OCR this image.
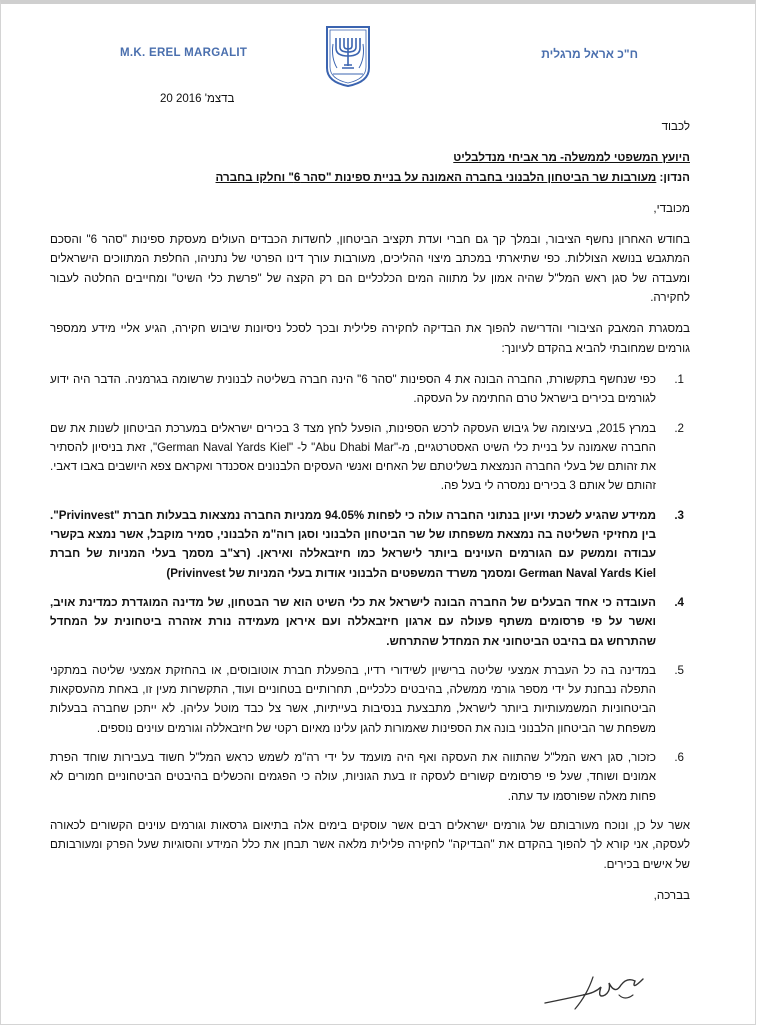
M.K. EREL MARGALIT	ח"כ אראל מרגלית
20 בדצמ' 2016

לכבוד

היועץ המשפטי לממשלה- מר אביחי מנדלבליט

הנדון: מעורבות שר הביטחון הלבנוני בחברה האמונה על בניית ספינות "סהר 6" וחלקו בחברה

מכובדי,

בחודש האחרון נחשף הציבור, ובמלך קך גם חברי ועדת תקציב הביטחון, לחשדות הכבדים העולים מעסקת ספינות "סהר 6" והסכם המתגבש בנושא הצוללות. כפי שתיארתי במכתב מיצוי ההליכים, מעורבות עורך דינו הפרטי של נתניהו, החלפת המתווכים הישראלים ומעבדה של סגן ראש המל"ל שהיה אמון על מתווה המים הכלכליים הם רק הקצה של "פרשת כלי השיט" ומחייבים החלטה לעבור לחקירה.

במסגרת המאבק הציבורי והדרישה להפוך את הבדיקה לחקירה פלילית ובכך לסכל ניסיונות שיבוש חקירה, הגיע אליי מידע ממספר גורמים שמחובתי להביא בהקדם לעיונך:

1.
כפי שנחשף בתקשורת, החברה הבונה את 4 הספינות "סהר 6" הינה חברה בשליטה לבנונית שרשומה בגרמניה. הדבר היה ידוע לגורמים בכירים בישראל טרם החתימה על העסקה.
2.
במרץ 2015, בעיצומה של גיבוש העסקה לרכש הספינות, הופעל לחץ מצד 3 בכירים ישראלים במערכת הביטחון לשנות את שם החברה שאמונה על בניית כלי השיט האסטרטגיים, מ-"Abu Dhabi Mar" ל- "German Naval Yards Kiel", זאת בניסיון להסתיר את זהותם של בעלי החברה הנמצאת בשליטתם של האחים ואנשי העסקים הלבנונים אסכנדר ואקראם צפא היושבים באבו דאבי. זהותם של אותם 3 בכירים נמסרה לי בעל פה.
3.
ממידע שהגיע לשכתי ועיון בנתוני החברה עולה כי לפחות 94.05% ממניות החברה נמצאות בבעלות חברת "Privinvest". בין מחזיקי השליטה בה נמצאת משפחתו של שר הביטחון הלבנוני וסגן רוה"מ הלבנוני, סמיר מוקבל, אשר נמצא בקשרי עבודה וממשק עם הגורמים העוינים ביותר לישראל כמו חיזבאללה ואיראן. (רצ"ב מסמך בעלי המניות של חברת German Naval Yards Kiel ומסמך משרד המשפטים הלבנוני אודות בעלי המניות של Privinvest)
4.
העובדה כי אחד הבעלים של החברה הבונה לישראל את כלי השיט הוא שר הבטחון, של מדינה המוגדרת כמדינת אויב, ואשר על פי פרסומים משתף פעולה עם ארגון חיזבאללה ועם איראן מעמידה נורת אזהרה ביטחונית על המחדל שהתרחש גם בהיבט הביטחוני את המחדל שהתרחש.
5.
במדינה בה כל העברת אמצעי שליטה ברישיון לשידורי רדיו, בהפעלת חברת אוטובוסים, או בהחזקת אמצעי שליטה במתקני התפלה נבחנת על ידי מספר גורמי ממשלה, בהיבטים כלכליים, תחרותיים בטחוניים ועוד, התקשרות מעין זו, באחת מהעסקאות הביטחוניות המשמעותיות ביותר לישראל, מתבצעת בנסיבות בעייתיות, אשר צל כבד מוטל עליהן. לא ייתכן שחברה בבעלות משפחת שר הביטחון הלבנוני בונה את הספינות שאמורות להגן עלינו מאיום רקטי של חיזבאללה וגורמים עוינים נוספים.
6.
כזכור, סגן ראש המל"ל שהתווה את העסקה ואף היה מועמד על ידי רה"מ לשמש כראש המל"ל חשוד בעבירות שוחד הפרת אמונים ושוחד, שעל פי פרסומים קשורים לעסקה זו בעת הגוניות, עולה כי הפגמים והכשלים בהיבטים הביטחוניים חמורים לא פחות מאלה שפורסמו עד עתה.

אשר על כן, ונוכח מעורבותם של גורמים ישראלים רבים אשר עוסקים בימים אלה בתיאום גרסאות וגורמים עוינים הקשורים לכאורה לעסקה, אני קורא לך להפוך בהקדם את "הבדיקה" לחקירה פלילית מלאה אשר תבחן את כלל המידע והסוגיות שעל הפרק ומעורבותם של אישים בכירים.

בברכה,
